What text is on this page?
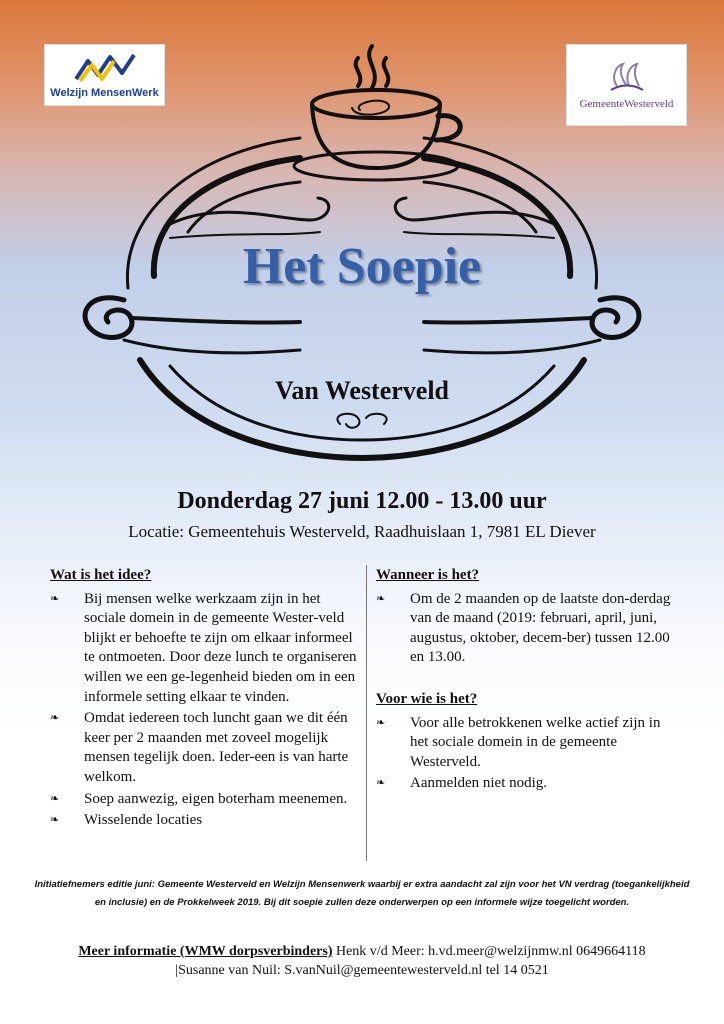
Welzijn MensenWerk
GemeenteWesterveld
Het Soepie
Van Westerveld
Donderdag 27 juni 12.00 - 13.00 uur
Locatie: Gemeentehuis Westerveld, Raadhuislaan 1, 7981 EL Diever
Wat is het idee?
❧ Bij mensen welke werkzaam zijn in het sociale domein in de gemeente Wester-veld blijkt er behoefte te zijn om elkaar informeel te ontmoeten. Door deze lunch te organiseren willen we een ge-legenheid bieden om in een informele setting elkaar te vinden.
❧ Omdat iedereen toch luncht gaan we dit één keer per 2 maanden met zoveel mogelijk mensen tegelijk doen. Ieder-een is van harte welkom.
❧ Soep aanwezig, eigen boterham meenemen.
❧ Wisselende locaties
Wanneer is het?
❧ Om de 2 maanden op de laatste don-derdag van de maand (2019: februari, april, juni, augustus, oktober, decem-ber) tussen 12.00 en 13.00.
Voor wie is het?
❧ Voor alle betrokkenen welke actief zijn in het sociale domein in de gemeente Westerveld.
❧ Aanmelden niet nodig.
Initiatiefnemers editie juni: Gemeente Westerveld en Welzijn Mensenwerk waarbij er extra aandacht zal zijn voor het VN verdrag (toegankelijkheid en inclusie) en de Prokkelweek 2019. Bij dit soepie zullen deze onderwerpen op een informele wijze toegelicht worden.
Meer informatie (WMW dorpsverbinders) Henk v/d Meer: h.vd.meer@welzijnmw.nl 0649664118
|Susanne van Nuil: S.vanNuil@gemeentewesterveld.nl tel 14 0521
